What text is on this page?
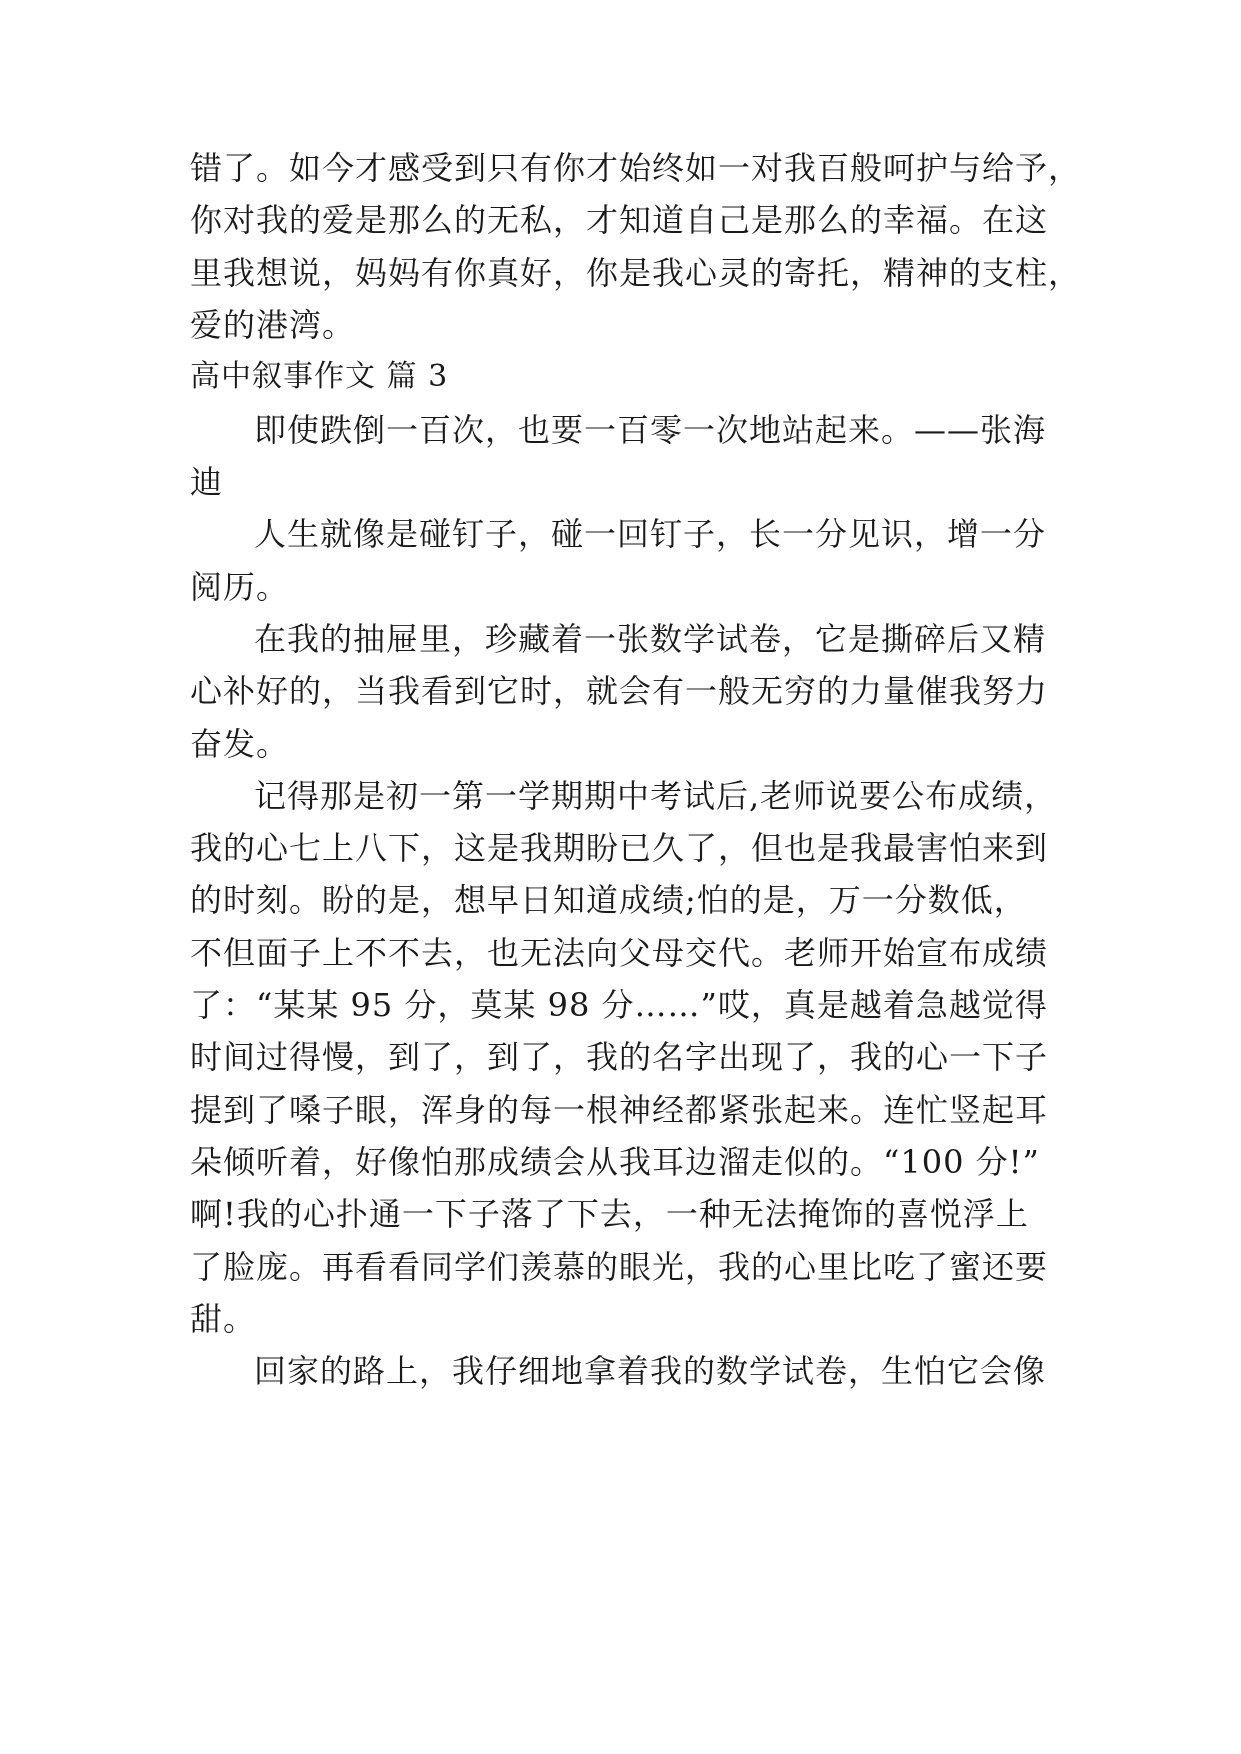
错了。如今才感受到只有你才始终如一对我百般呵护与给予，
你对我的爱是那么的无私，才知道自己是那么的幸福。在这
里我想说，妈妈有你真好，你是我心灵的寄托，精神的支柱，
爱的港湾。
高中叙事作文 篇 3
即使跌倒一百次，也要一百零一次地站起来。——张海
迪
人生就像是碰钉子，碰一回钉子，长一分见识，增一分
阅历。
在我的抽屉里，珍藏着一张数学试卷，它是撕碎后又精
心补好的，当我看到它时，就会有一般无穷的力量催我努力
奋发。
记得那是初一第一学期期中考试后,老师说要公布成绩，
我的心七上八下，这是我期盼已久了，但也是我最害怕来到
的时刻。盼的是，想早日知道成绩;怕的是，万一分数低，
不但面子上不不去，也无法向父母交代。老师开始宣布成绩
了：“某某 95 分，莫某 98 分……”哎，真是越着急越觉得
时间过得慢，到了，到了，我的名字出现了，我的心一下子
提到了嗓子眼，浑身的每一根神经都紧张起来。连忙竖起耳
朵倾听着，好像怕那成绩会从我耳边溜走似的。“100 分!”
啊!我的心扑通一下子落了下去，一种无法掩饰的喜悦浮上
了脸庞。再看看同学们羡慕的眼光，我的心里比吃了蜜还要
甜。
回家的路上，我仔细地拿着我的数学试卷，生怕它会像
